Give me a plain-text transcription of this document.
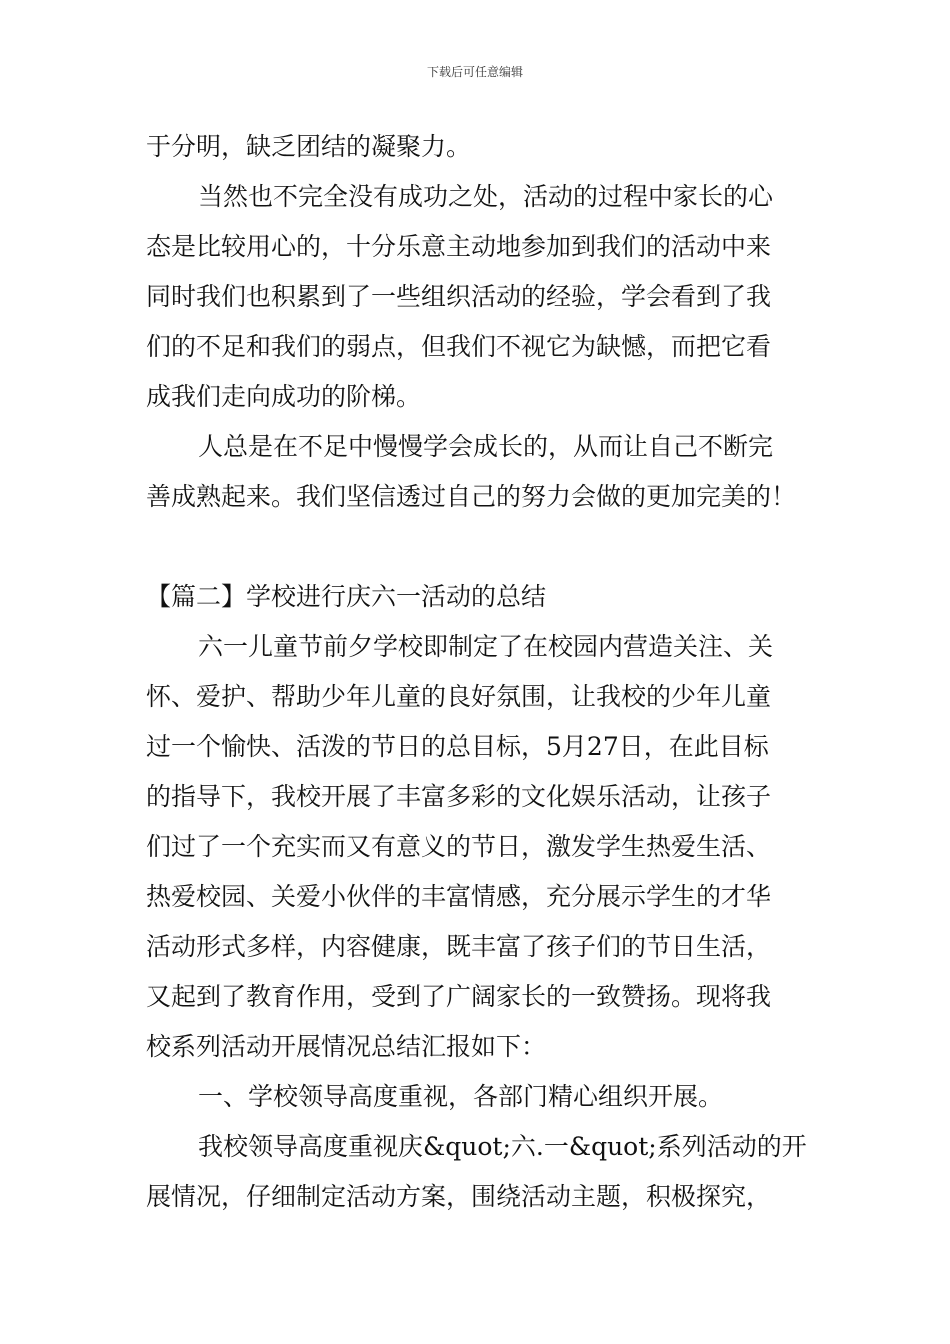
下载后可任意编辑
于分明，缺乏团结的凝聚力。
当然也不完全没有成功之处，活动的过程中家长的心
态是比较用心的，十分乐意主动地参加到我们的活动中来
同时我们也积累到了一些组织活动的经验，学会看到了我
们的不足和我们的弱点，但我们不视它为缺憾，而把它看
成我们走向成功的阶梯。
人总是在不足中慢慢学会成长的，从而让自己不断完
善成熟起来。我们坚信透过自己的努力会做的更加完美的！
【篇二】学校进行庆六一活动的总结
六一儿童节前夕学校即制定了在校园内营造关注、关
怀、爱护、帮助少年儿童的良好氛围，让我校的少年儿童
过一个愉快、活泼的节日的总目标，5月27日，在此目标
的指导下，我校开展了丰富多彩的文化娱乐活动，让孩子
们过了一个充实而又有意义的节日，激发学生热爱生活、
热爱校园、关爱小伙伴的丰富情感，充分展示学生的才华
活动形式多样，内容健康，既丰富了孩子们的节日生活，
又起到了教育作用，受到了广阔家长的一致赞扬。现将我
校系列活动开展情况总结汇报如下：
一、学校领导高度重视，各部门精心组织开展。
我校领导高度重视庆&quot;六.一&quot;系列活动的开
展情况，仔细制定活动方案，围绕活动主题，积极探究，
